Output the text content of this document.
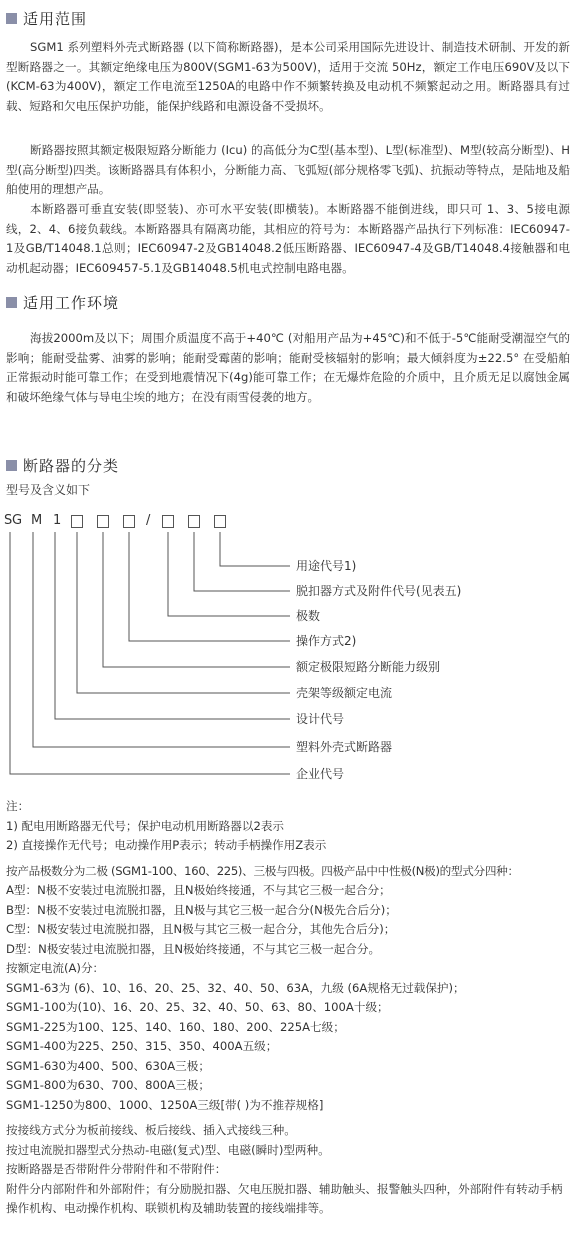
适用范围
SGM1 系列塑料外壳式断路器 (以下简称断路器)，是本公司采用国际先进设计、制造技术研制、开发的新型断路器之一。其额定绝缘电压为800V(SGM1-63为500V)，适用于交流 50Hz，额定工作电压690V及以下(KCM-63为400V)，额定工作电流至1250A的电路中作不频繁转换及电动机不频繁起动之用。断路器具有过载、短路和欠电压保护功能，能保护线路和电源设备不受损坏。
断路器按照其额定极限短路分断能力 (Icu) 的高低分为C型(基本型)、L型(标准型)、M型(较高分断型)、H型(高分断型)四类。该断路器具有体积小，分断能力高、飞弧短(部分规格零飞弧)、抗振动等特点，是陆地及船舶使用的理想产品。
本断路器可垂直安装(即竖装)、亦可水平安装(即横装)。本断路器不能倒进线，即只可 1、3、5接电源线，2、4、6接负载线。本断路器具有隔离功能，其相应的符号为：本断路器产品执行下列标准：IEC60947-1及GB/T14048.1总则；IEC60947-2及GB14048.2低压断路器、IEC60947-4及GB/T14048.4接触器和电动机起动器；IEC609457-5.1及GB14048.5机电式控制电路电器。
适用工作环境
海拔2000m及以下；周围介质温度不高于+40℃ (对船用产品为+45℃)和不低于-5℃能耐受潮湿空气的影响；能耐受盐雾、油雾的影响；能耐受霉菌的影响；能耐受核辐射的影响；最大倾斜度为±22.5° 在受船舶正常振动时能可靠工作；在受到地震情况下(4g)能可靠工作；在无爆炸危险的介质中，且介质无足以腐蚀金属和破坏绝缘气体与导电尘埃的地方；在没有雨雪侵袭的地方。
断路器的分类
型号及含义如下
S G M 1	/
用途代号1)
脱扣器方式及附件代号(见表五)
极数
操作方式2)
额定极限短路分断能力级别
壳架等级额定电流
设计代号
塑料外壳式断路器
企业代号
注：
1) 配电用断路器无代号；保护电动机用断路器以2表示
2) 直接操作无代号；电动操作用P表示；转动手柄操作用Z表示
按产品极数分为二极 (SGM1-100、160、225)、三极与四极。四极产品中中性极(N极)的型式分四种：
A型：N极不安装过电流脱扣器，且N极始终接通，不与其它三极一起合分；
B型：N极不安装过电流脱扣器，且N极与其它三极一起合分(N极先合后分)；
C型：N极安装过电流脱扣器，且N极与其它三极一起合分，其他先合后分)；
D型：N极安装过电流脱扣器，且N极始终接通，不与其它三极一起合分。
按额定电流(A)分：
SGM1-63为 (6)、10、16、20、25、32、40、50、63A，九级 (6A规格无过载保护)；
SGM1-100为(10)、16、20、25、32、40、50、63、80、100A十级；
SGM1-225为100、125、140、160、180、200、225A七级；
SGM1-400为225、250、315、350、400A五级；
SGM1-630为400、500、630A三极；
SGM1-800为630、700、800A三极；
SGM1-1250为800、1000、1250A三级[带( )为不推荐规格]
按接线方式分为板前接线、板后接线、插入式接线三种。
按过电流脱扣器型式分热动-电磁(复式)型、电磁(瞬时)型两种。
按断路器是否带附件分带附件和不带附件：
附件分内部附件和外部附件；有分励脱扣器、欠电压脱扣器、辅助触头、报警触头四种，外部附件有转动手柄操作机构、电动操作机构、联锁机构及辅助装置的接线端排等。
